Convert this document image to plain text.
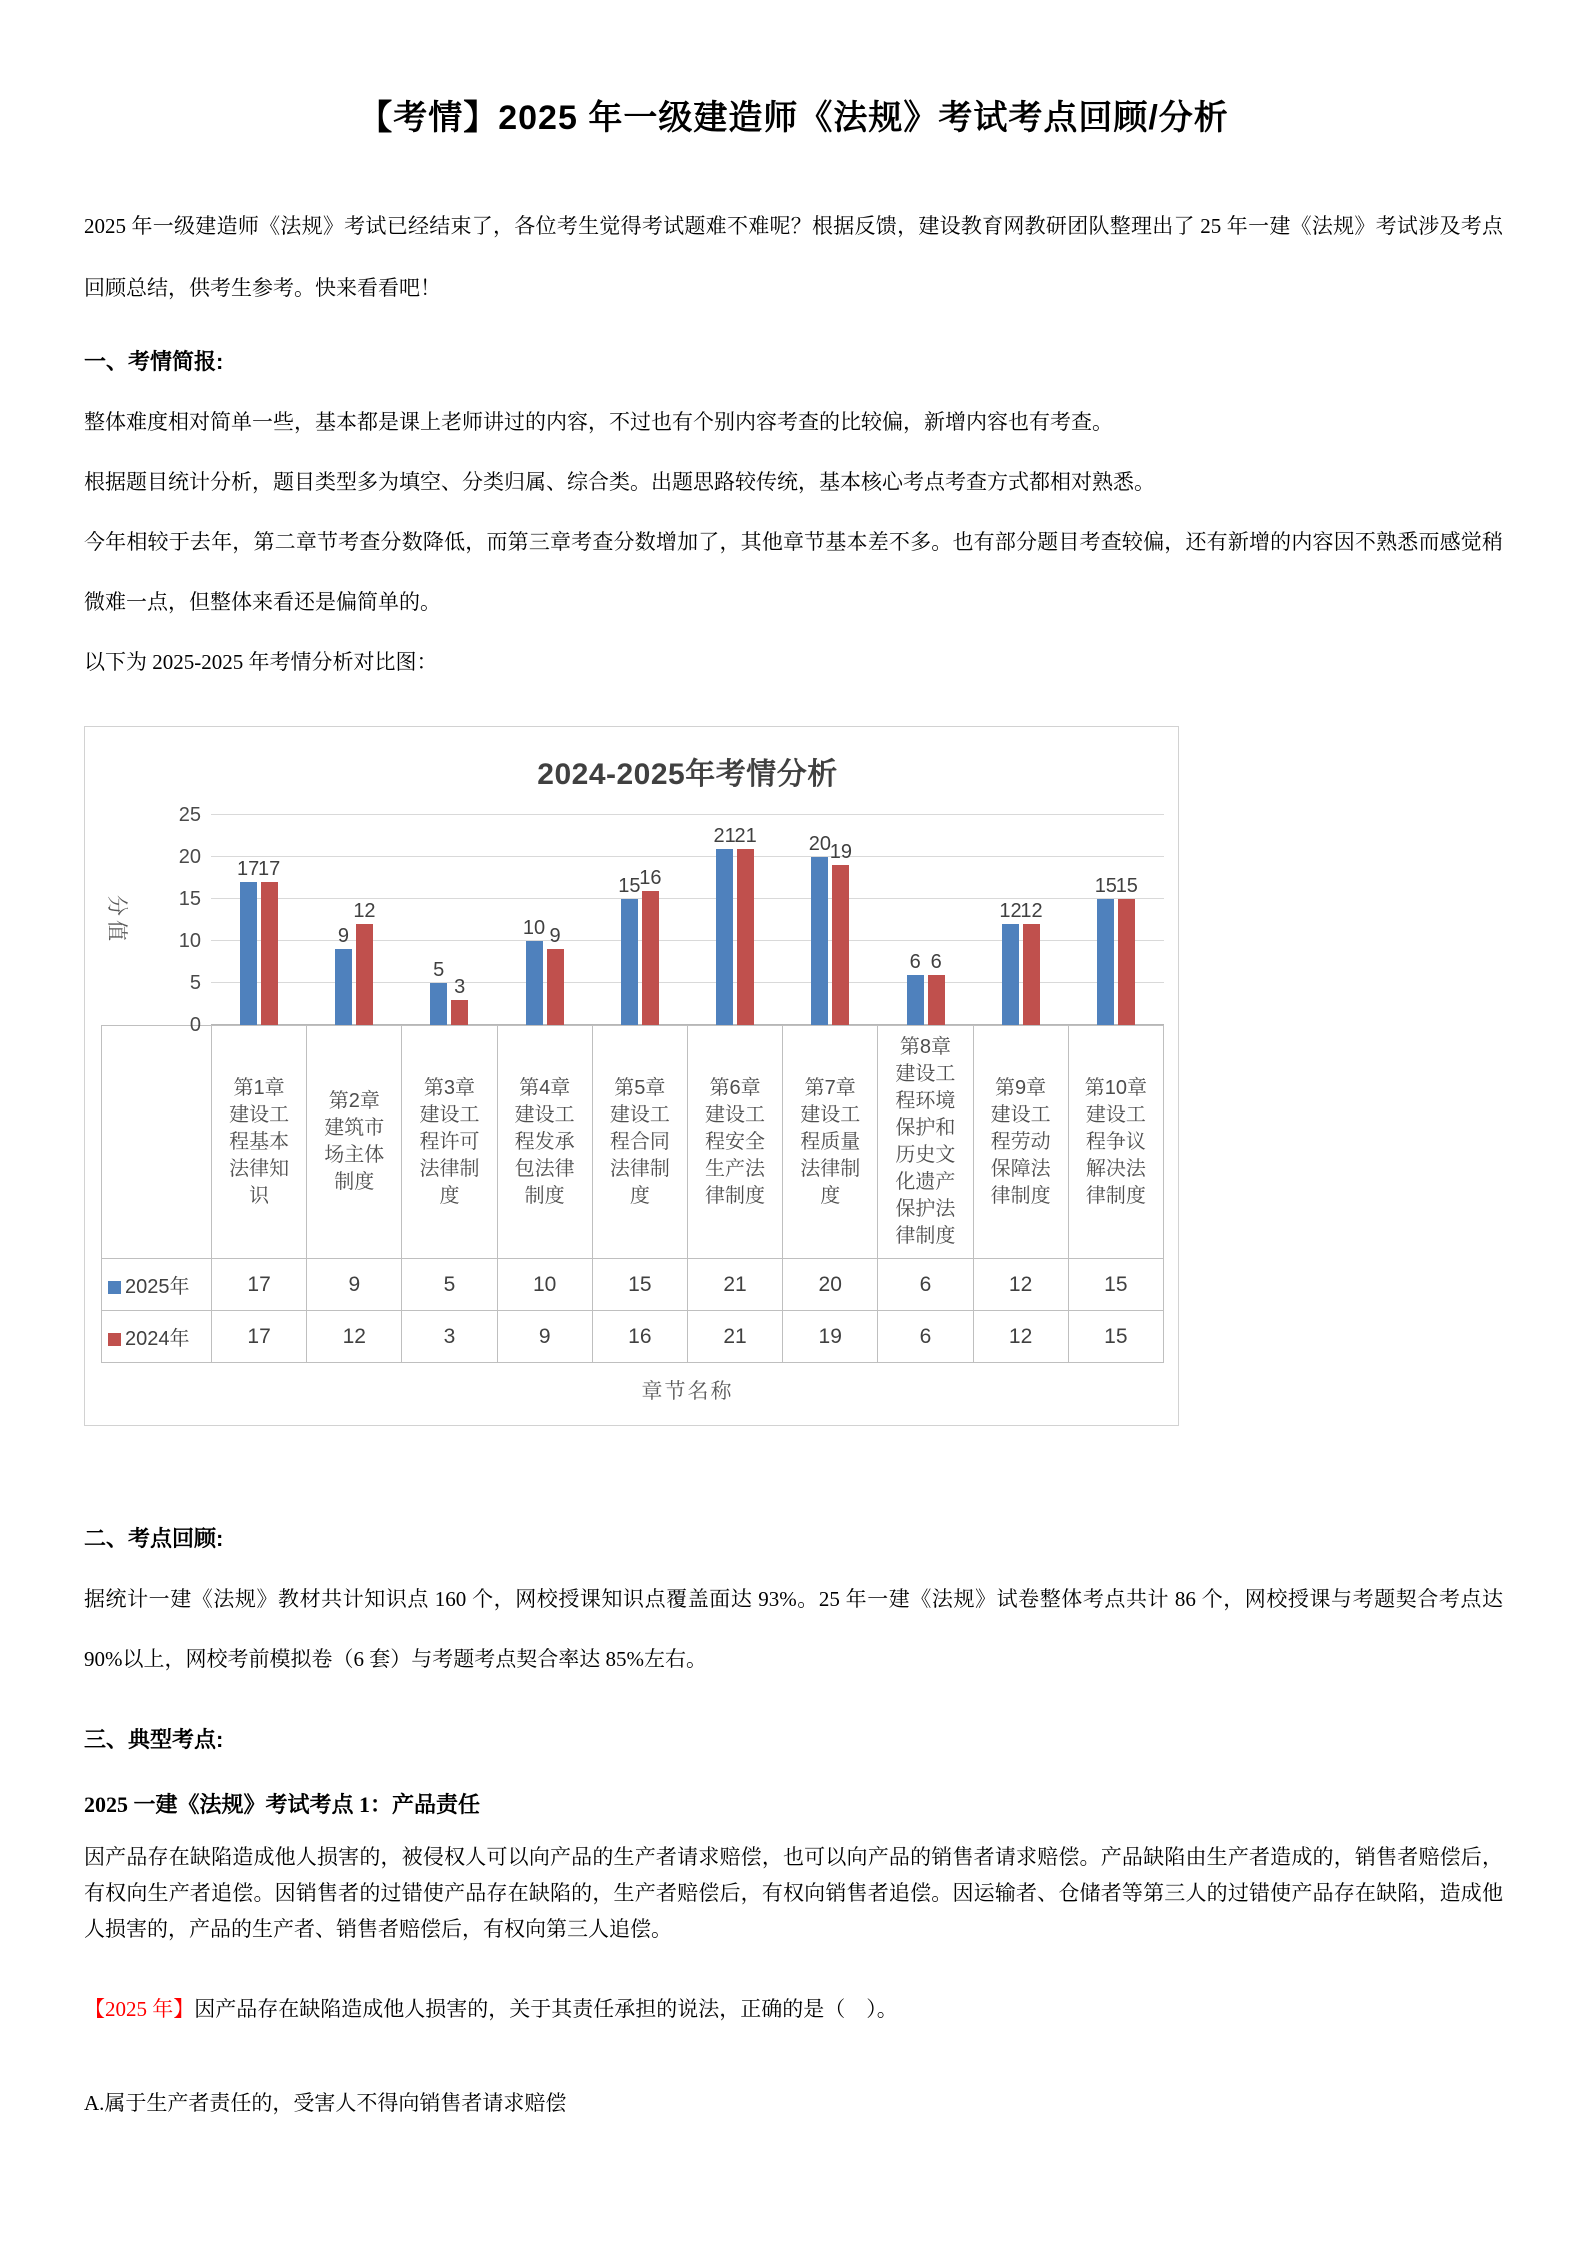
【考情】2025 年一级建造师《法规》考试考点回顾/分析

2025 年一级建造师《法规》考试已经结束了，各位考生觉得考试题难不难呢？根据反馈，建设教育网教研团队整理出了 25 年一建《法规》考试涉及考点回顾总结，供考生参考。快来看看吧！

一、考情简报:

整体难度相对简单一些，基本都是课上老师讲过的内容，不过也有个别内容考查的比较偏，新增内容也有考查。

根据题目统计分析，题目类型多为填空、分类归属、综合类。出题思路较传统，基本核心考点考查方式都相对熟悉。

今年相较于去年，第二章节考查分数降低，而第三章考查分数增加了，其他章节基本差不多。也有部分题目考查较偏，还有新增的内容因不熟悉而感觉稍微难一点，但整体来看还是偏简单的。

以下为 2025-2025 年考情分析对比图：

2024-2025年考情分析
分值
0
5
10
15
20
25
17
17
9
12
5
3
10 9
15
16
21
21	20
19
6 6
12
12
15
15
	第1章建设工程基本法律知识	第2章建筑市场主体制度	第3章建设工程许可法律制度	第4章建设工程发承包法律制度	第5章建设工程合同法律制度	第6章建设工程安全生产法律制度	第7章建设工程质量法律制度	第8章建设工程环境保护和历史文化遗产保护法律制度	第9章建设工程劳动保障法律制度	第10章建设工程争议解决法律制度
2025年	17	9	5	10	15	21	20	6	12	15
2024年	17	12	3	9	16	21	19	6	12	15
章节名称
二、考点回顾:

据统计一建《法规》教材共计知识点 160 个，网校授课知识点覆盖面达 93%。25 年一建《法规》试卷整体考点共计 86 个，网校授课与考题契合考点达 90%以上，网校考前模拟卷（6 套）与考题考点契合率达 85%左右。

三、典型考点:
2025 一建《法规》考试考点 1：产品责任

因产品存在缺陷造成他人损害的，被侵权人可以向产品的生产者请求赔偿，也可以向产品的销售者请求赔偿。产品缺陷由生产者造成的，销售者赔偿后，有权向生产者追偿。因销售者的过错使产品存在缺陷的，生产者赔偿后，有权向销售者追偿。因运输者、仓储者等第三人的过错使产品存在缺陷，造成他人损害的，产品的生产者、销售者赔偿后，有权向第三人追偿。

【2025 年】因产品存在缺陷造成他人损害的，关于其责任承担的说法，正确的是（　）。

A.属于生产者责任的，受害人不得向销售者请求赔偿
